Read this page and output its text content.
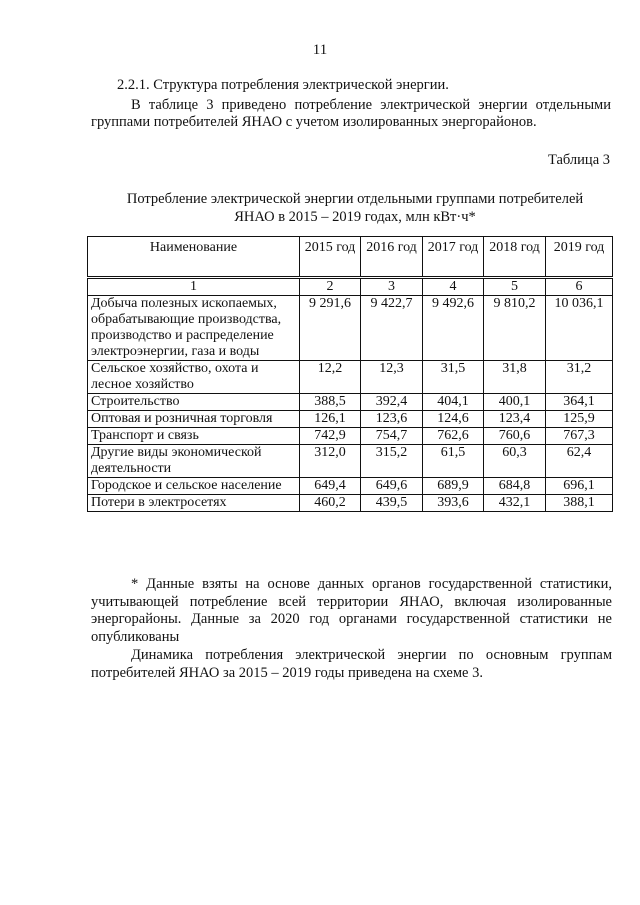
11
2.2.1. Структура потребления электрической энергии.
В таблице 3 приведено потребление электрической энергии отдельными группами потребителей ЯНАО с учетом изолированных энергорайонов.
Таблица 3
Потребление электрической энергии отдельными группами потребителей
ЯНАО в 2015 – 2019 годах, млн кВт·ч*
Наименование	2015 год	2016 год	2017 год	2018 год	2019 год
1	2	3	4	5	6
Добыча полезных ископаемых, обрабатывающие производства, производство и распределение электроэнергии, газа и воды	9 291,6	9 422,7	9 492,6	9 810,2	10 036,1
Сельское хозяйство, охота и лесное хозяйство	12,2	12,3	31,5	31,8	31,2
Строительство	388,5	392,4	404,1	400,1	364,1
Оптовая и розничная торговля	126,1	123,6	124,6	123,4	125,9
Транспорт и связь	742,9	754,7	762,6	760,6	767,3
Другие виды экономической деятельности	312,0	315,2	61,5	60,3	62,4
Городское и сельское население	649,4	649,6	689,9	684,8	696,1
Потери в электросетях	460,2	439,5	393,6	432,1	388,1
* Данные взяты на основе данных органов государственной статистики, учитывающей потребление всей территории ЯНАО, включая изолированные энергорайоны. Данные за 2020 год органами государственной статистики не опубликованы
Динамика потребления электрической энергии по основным группам потребителей ЯНАО за 2015 – 2019 годы приведена на схеме 3.
